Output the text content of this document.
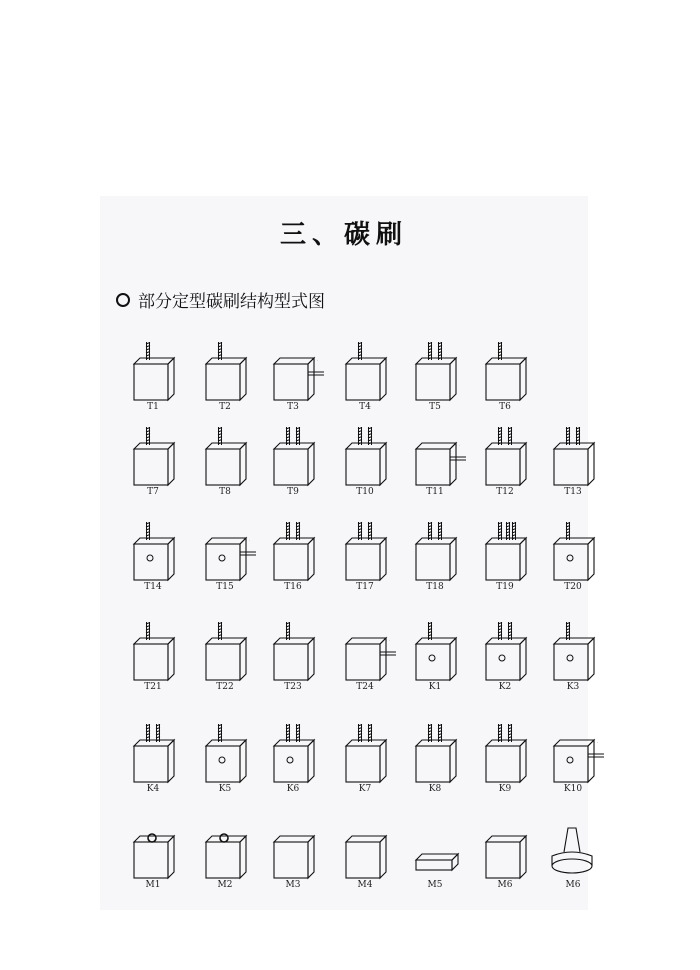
三、碳刷
部分定型碳刷结构型式图
T1	T2	T3	T4	T5	T6
T7	T8	T9	T10	T11	T12	T13
T14	T15	T16	T17	T18	T19	T20
T21	T22	T23	T24	K1	K2	K3
K4	K5	K6	K7	K8	K9	K10
M1	M2	M3	M4	M5	M6	M6
